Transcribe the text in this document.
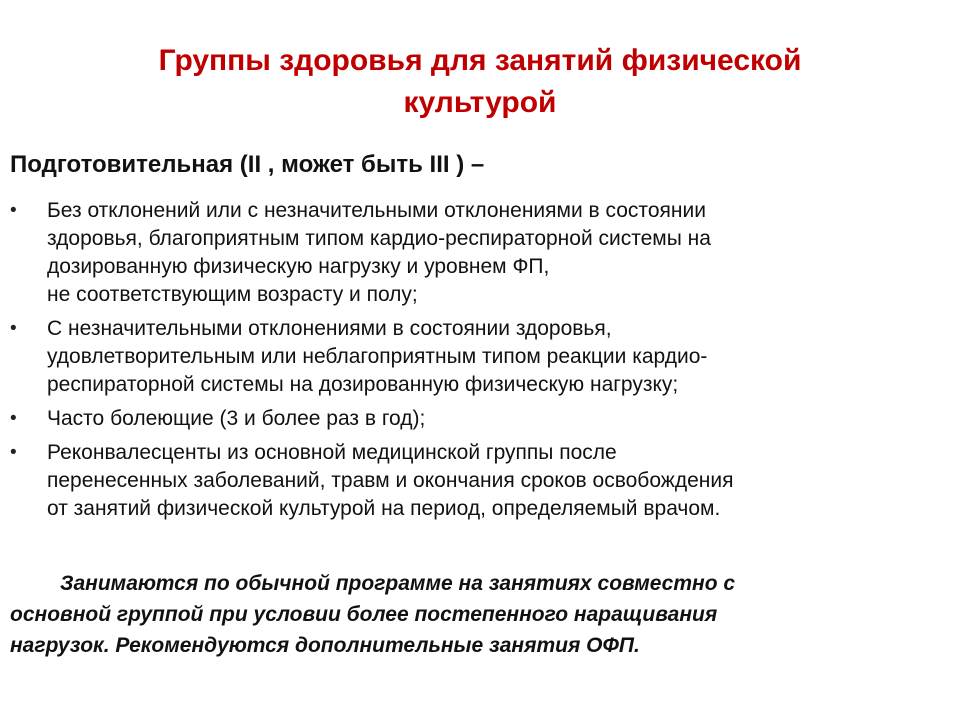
Группы здоровья для занятий физической
культурой

Подготовительная (II , может быть III ) –

•	Без отклонений или с незначительными отклонениями в состоянии
здоровья, благоприятным типом кардио-респираторной системы на
дозированную физическую нагрузку и уровнем ФП,
не соответствующим возрасту и полу;
•	С незначительными отклонениями в состоянии здоровья,
удовлетворительным или неблагоприятным типом реакции кардио-
респираторной системы на дозированную физическую нагрузку;
•	Часто болеющие (3 и более раз в год);
•	Реконвалесценты из основной медицинской группы после
перенесенных заболеваний, травм и окончания сроков освобождения
от занятий физической культурой на период, определяемый врачом.

Занимаются по обычной программе на занятиях совместно с
основной группой при условии более постепенного наращивания
нагрузок. Рекомендуются дополнительные занятия ОФП.
